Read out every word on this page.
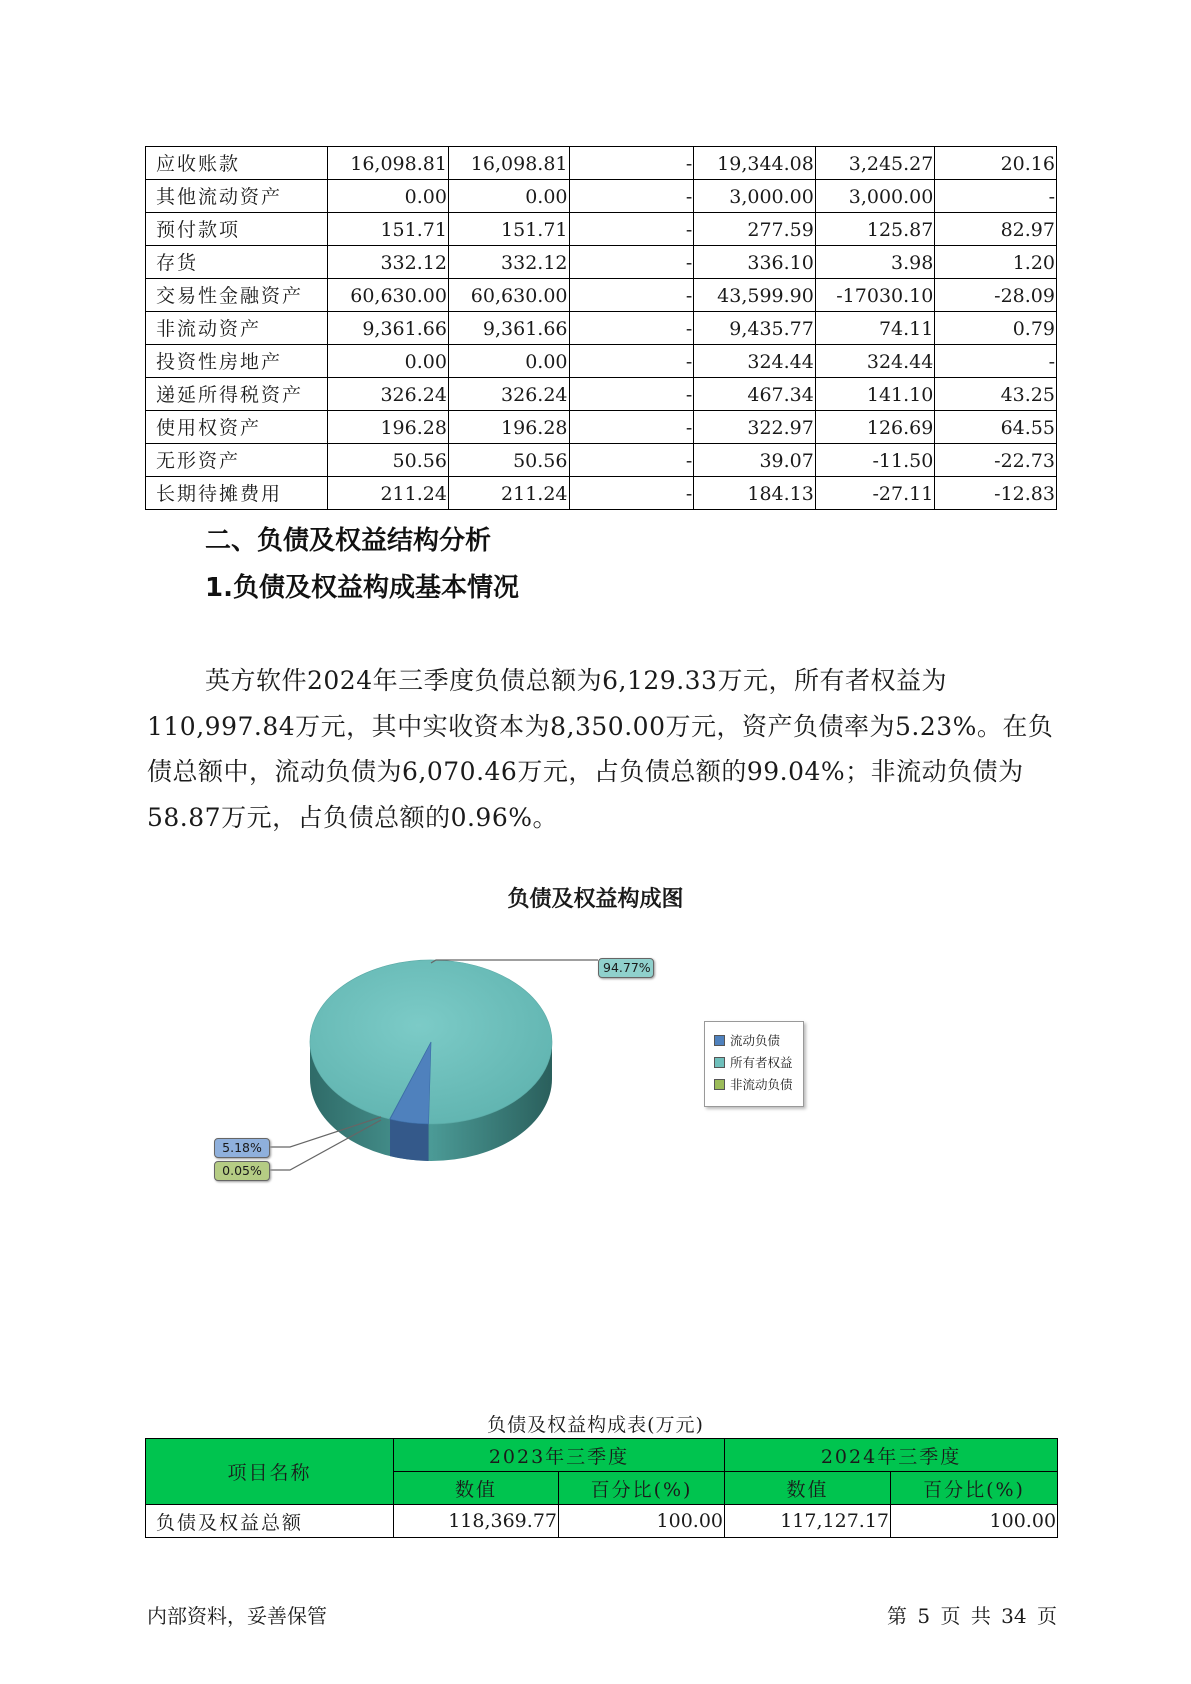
应收账款	16,098.81	16,098.81	-	19,344.08	3,245.27	20.16
其他流动资产	0.00	0.00	-	3,000.00	3,000.00	-
预付款项	151.71	151.71	-	277.59	125.87	82.97
存货	332.12	332.12	-	336.10	3.98	1.20
交易性金融资产	60,630.00	60,630.00	-	43,599.90	-17030.10	-28.09
非流动资产	9,361.66	9,361.66	-	9,435.77	74.11	0.79
投资性房地产	0.00	0.00	-	324.44	324.44	-
递延所得税资产	326.24	326.24	-	467.34	141.10	43.25
使用权资产	196.28	196.28	-	322.97	126.69	64.55
无形资产	50.56	50.56	-	39.07	-11.50	-22.73
长期待摊费用	211.24	211.24	-	184.13	-27.11	-12.83
二、负债及权益结构分析
1.负债及权益构成基本情况

英方软件2024年三季度负债总额为6,129.33万元，所有者权益为110,997.84万元，其中实收资本为8,350.00万元，资产负债率为5.23%。在负债总额中，流动负债为6,070.46万元，占负债总额的99.04%；非流动负债为58.87万元，占负债总额的0.96%。

负债及权益构成图
流动负债
所有者权益
非流动负债
94.77%
5.18%
0.05%
负债及权益构成表(万元)
项目名称	2023年三季度		2024年三季度	
	数值	百分比(%)	数值	百分比(%)
负债及权益总额	118,369.77	100.00	117,127.17	100.00
内部资料，妥善保管	第 5 页 共 34 页
